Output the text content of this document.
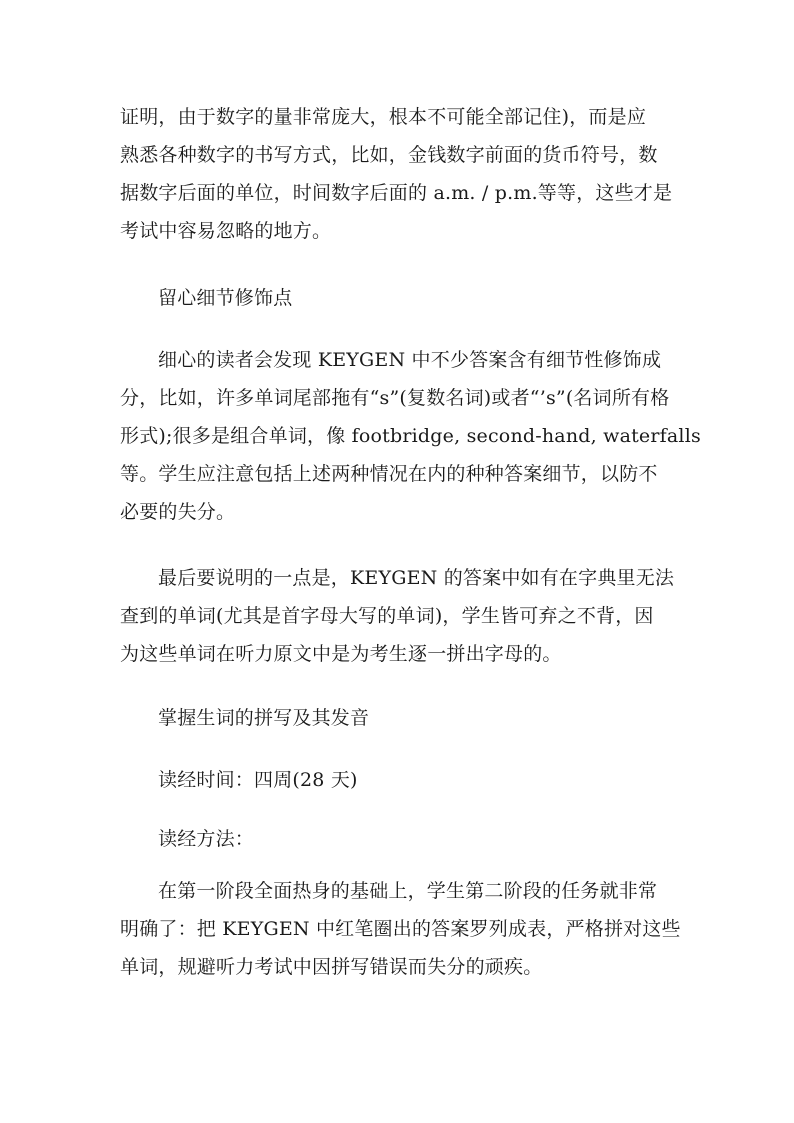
证明，由于数字的量非常庞大，根本不可能全部记住)，而是应
熟悉各种数字的书写方式，比如，金钱数字前面的货币符号，数
据数字后面的单位，时间数字后面的 a.m. / p.m.等等，这些才是
考试中容易忽略的地方。

留心细节修饰点

细心的读者会发现 KEYGEN 中不少答案含有细节性修饰成
分，比如，许多单词尾部拖有“s”(复数名词)或者“’s”(名词所有格
形式);很多是组合单词，像 footbridge, second-hand, waterfalls
等。学生应注意包括上述两种情况在内的种种答案细节，以防不
必要的失分。

最后要说明的一点是，KEYGEN 的答案中如有在字典里无法
查到的单词(尤其是首字母大写的单词)，学生皆可弃之不背，因
为这些单词在听力原文中是为考生逐一拼出字母的。

掌握生词的拼写及其发音

读经时间：四周(28 天)

读经方法：

在第一阶段全面热身的基础上，学生第二阶段的任务就非常
明确了：把 KEYGEN 中红笔圈出的答案罗列成表，严格拼对这些
单词，规避听力考试中因拼写错误而失分的顽疾。
